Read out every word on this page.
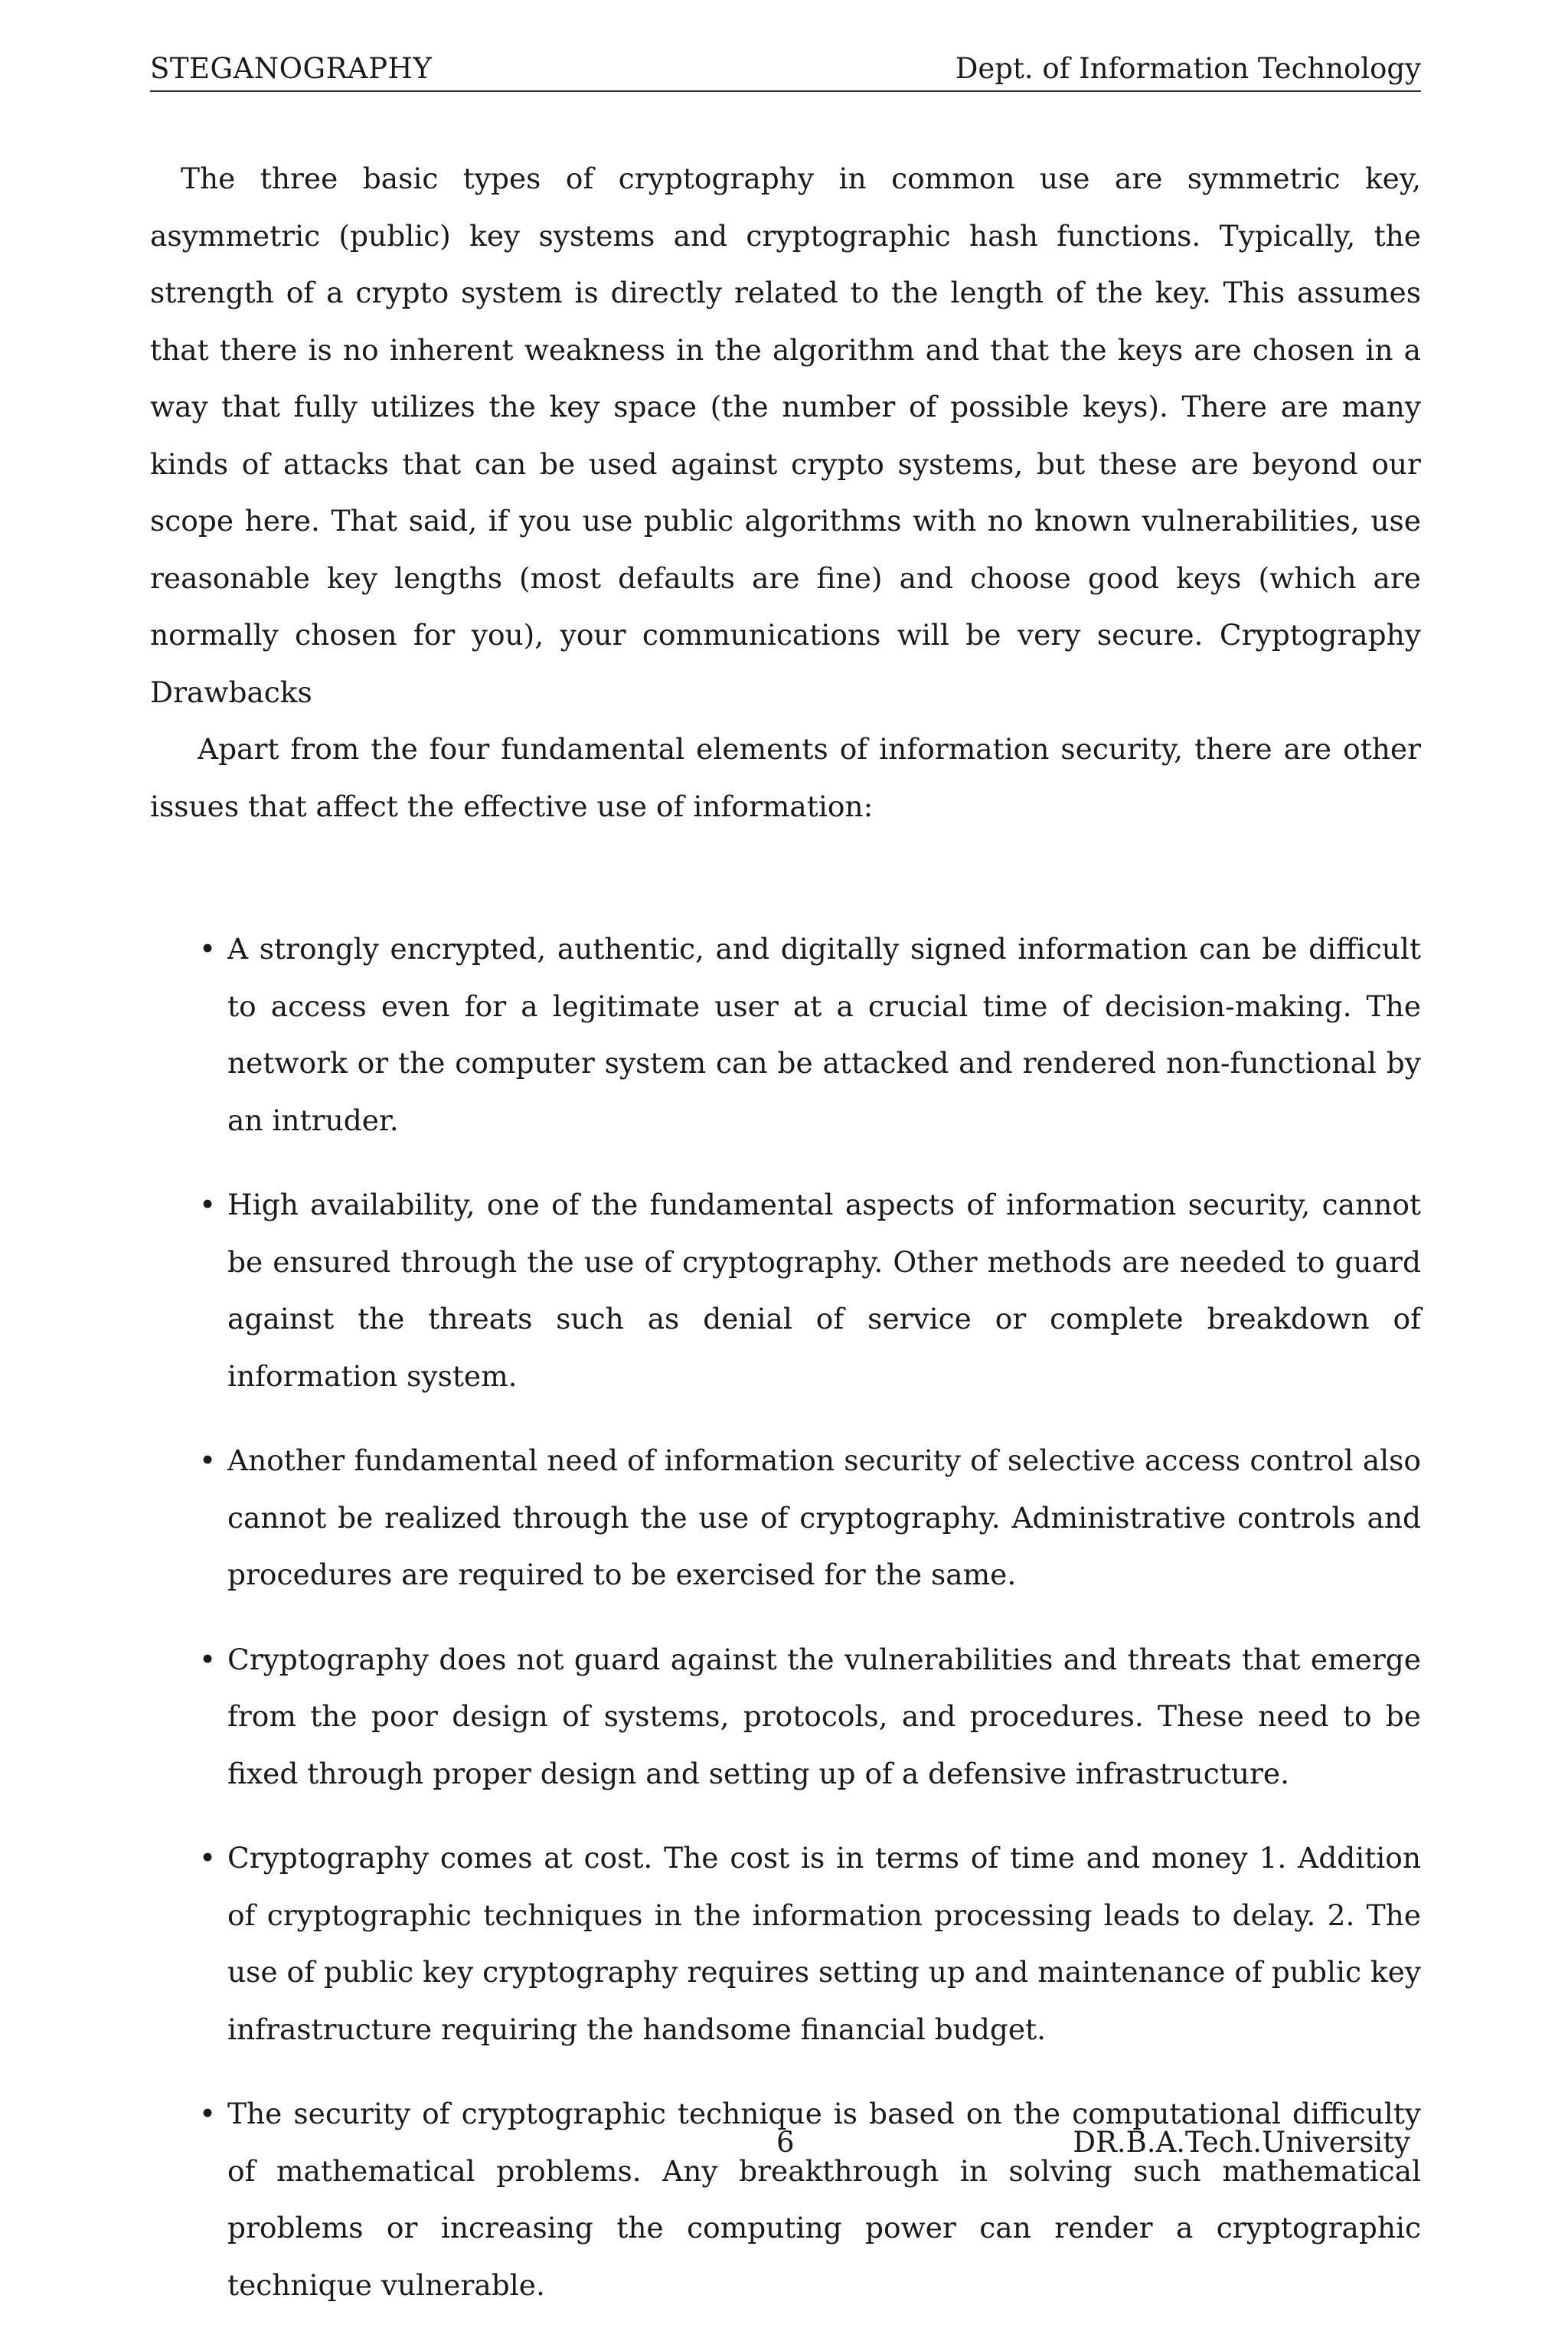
STEGANOGRAPHY	Dept. of Information Technology

The three basic types of cryptography in common use are symmetric key, asymmetric (public) key systems and cryptographic hash functions. Typically, the strength of a crypto system is directly related to the length of the key. This assumes that there is no inherent weakness in the algorithm and that the keys are chosen in a way that fully utilizes the key space (the number of possible keys). There are many kinds of attacks that can be used against crypto systems, but these are beyond our scope here. That said, if you use public algorithms with no known vulnerabilities, use reasonable key lengths (most defaults are fine) and choose good keys (which are normally chosen for you), your communications will be very secure. Cryptography Drawbacks

Apart from the four fundamental elements of information security, there are other issues that affect the effective use of information:

• A strongly encrypted, authentic, and digitally signed information can be difficult to access even for a legitimate user at a crucial time of decision-making. The network or the computer system can be attacked and rendered non-functional by an intruder.
• High availability, one of the fundamental aspects of information security, cannot be ensured through the use of cryptography. Other methods are needed to guard against the threats such as denial of service or complete breakdown of information system.
• Another fundamental need of information security of selective access control also cannot be realized through the use of cryptography. Administrative controls and procedures are required to be exercised for the same.
• Cryptography does not guard against the vulnerabilities and threats that emerge from the poor design of systems, protocols, and procedures. These need to be fixed through proper design and setting up of a defensive infrastructure.
• Cryptography comes at cost. The cost is in terms of time and money 1. Addition of cryptographic techniques in the information processing leads to delay. 2. The use of public key cryptography requires setting up and maintenance of public key infrastructure requiring the handsome financial budget.
• The security of cryptographic technique is based on the computational difficulty of mathematical problems. Any breakthrough in solving such mathematical problems or increasing the computing power can render a cryptographic technique vulnerable.
6	DR.B.A.Tech.University
